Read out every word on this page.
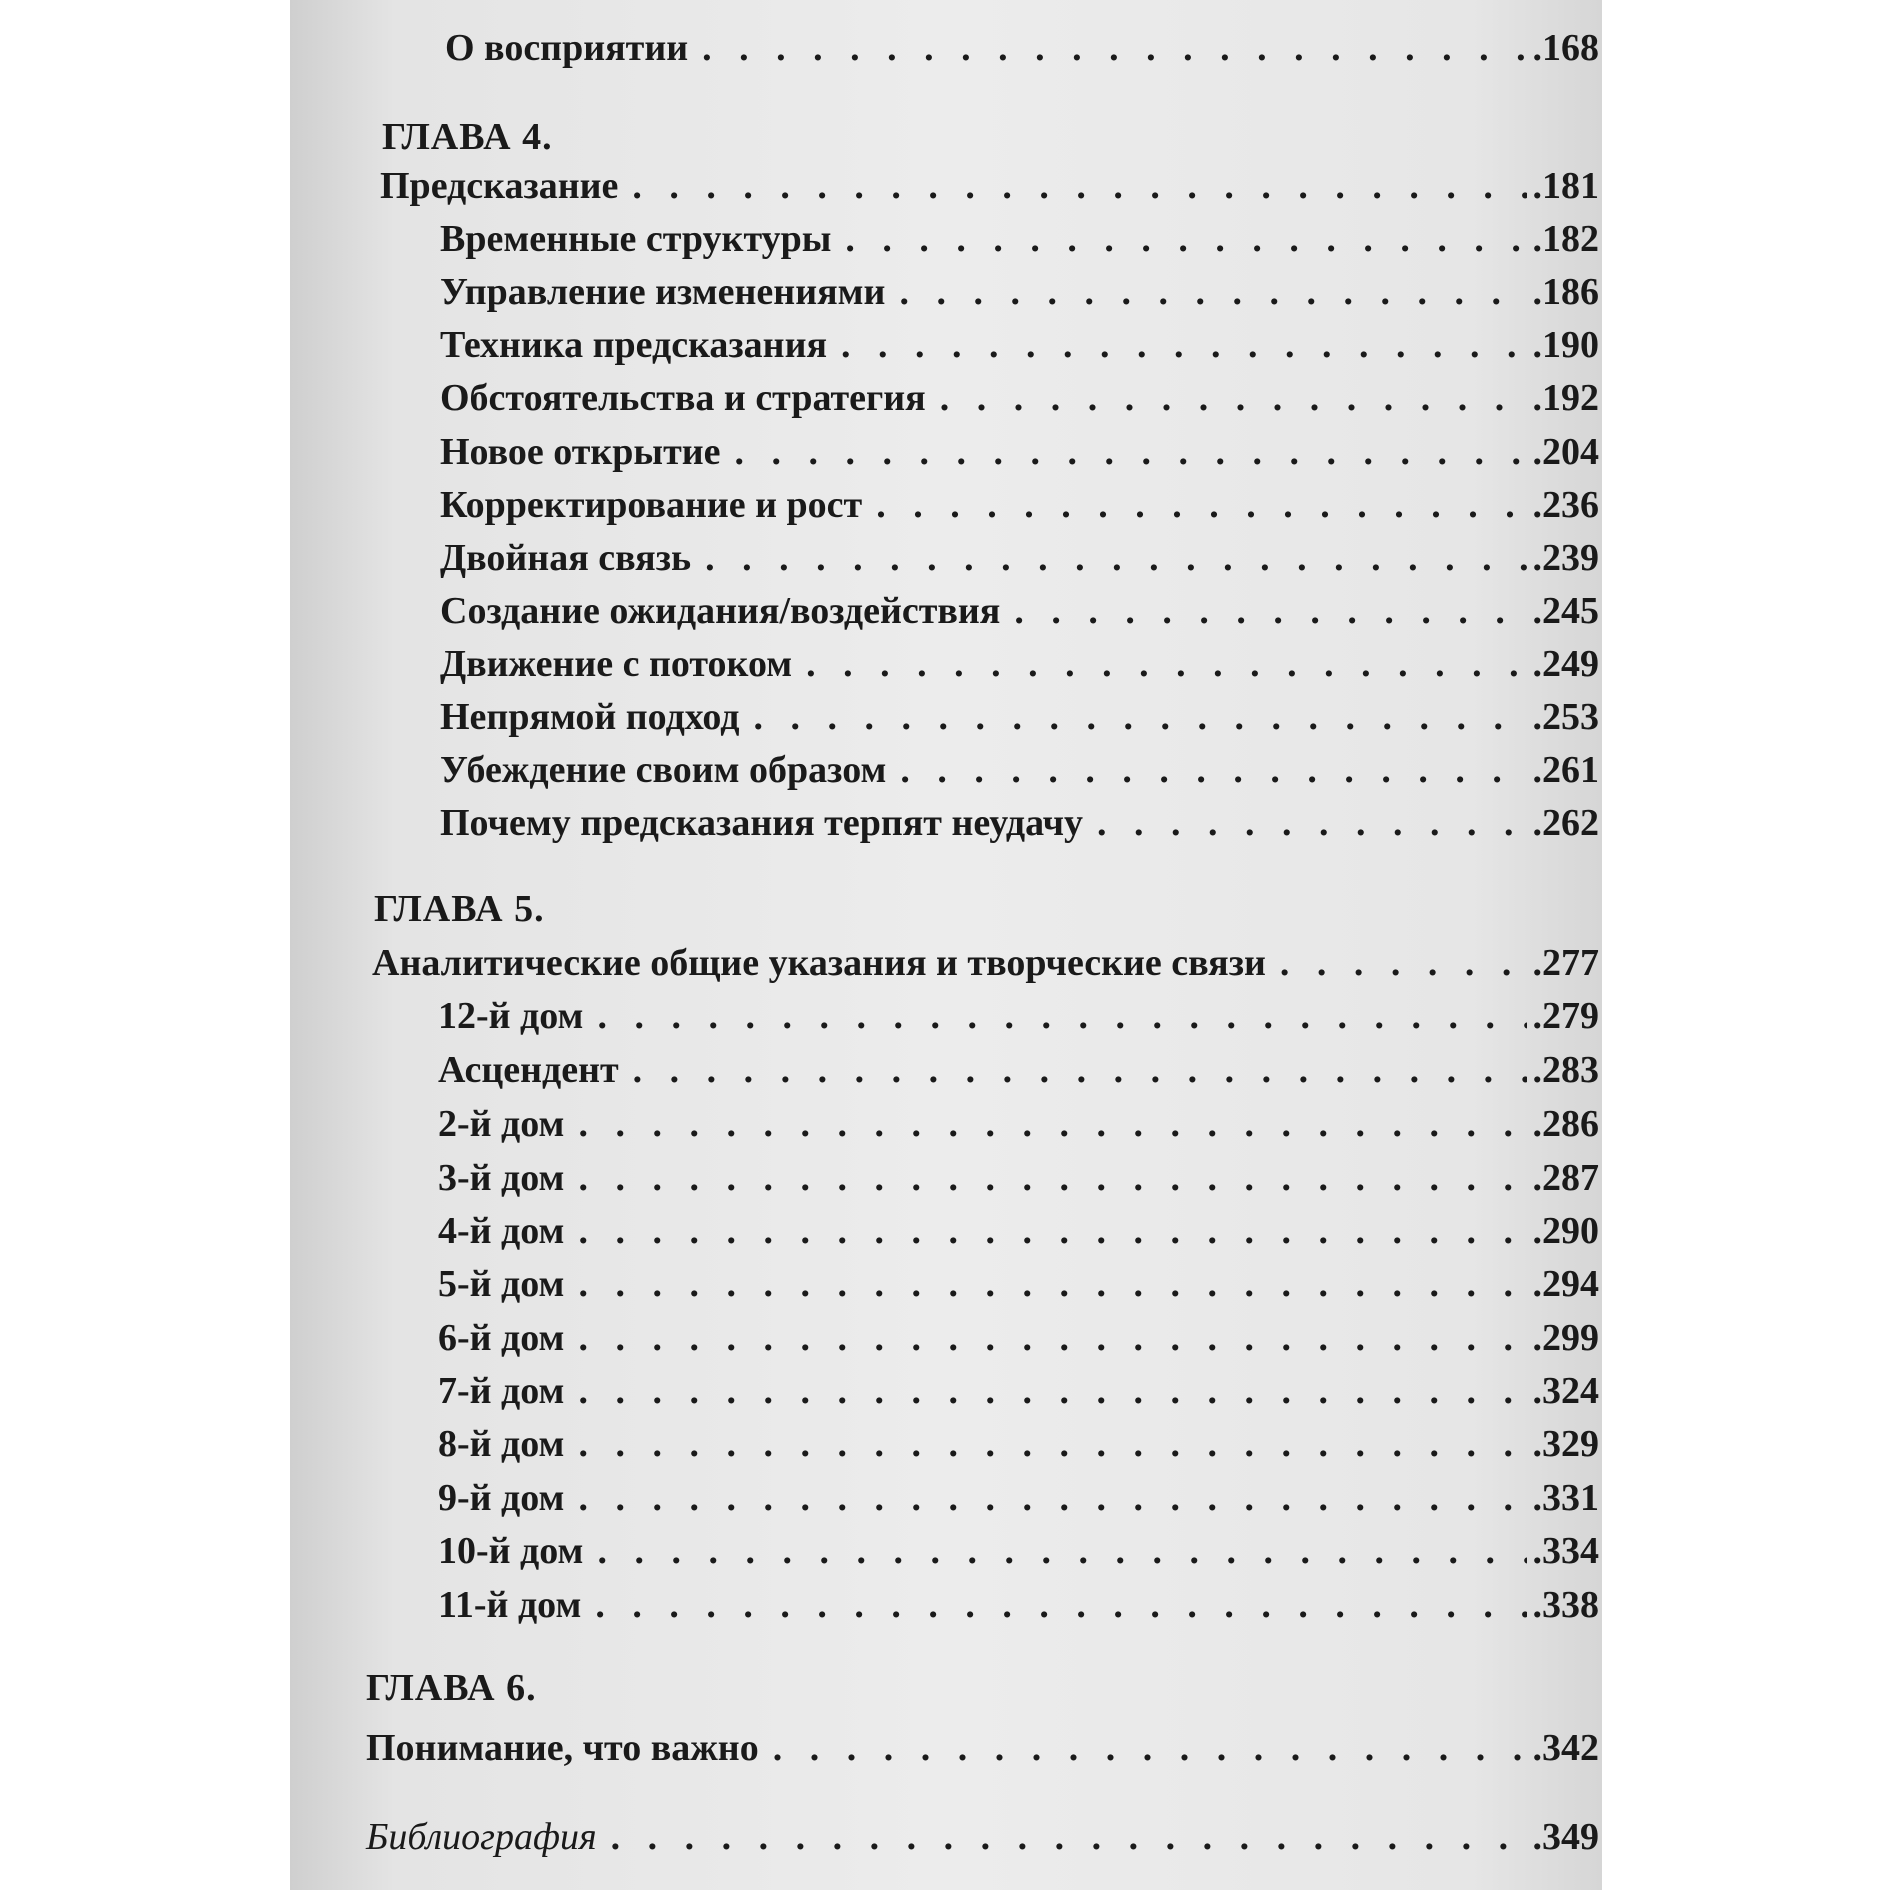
О восприятии . . .	.168
ГЛАВА 4.
Предсказание . . .	.181
Временные структуры . . .	.182
Управление изменениями . . .	.186
Техника предсказания . . .	.190
Обстоятельства и стратегия . . .	.192
Новое открытие . . .	.204
Корректирование и рост . . .	.236
Двойная связь . . .	.239
Создание ожидания/воздействия . . .	.245
Движение с потоком . . .	.249
Непрямой подход . . .	.253
Убеждение своим образом . . .	.261
Почему предсказания терпят неудачу . . .	.262
ГЛАВА 5.
Аналитические общие указания и творческие связи . . .	.277
12-й дом . . .	.279
Асцендент . . .	.283
2-й дом . . .	.286
3-й дом . . .	.287
4-й дом . . .	.290
5-й дом . . .	.294
6-й дом . . .	.299
7-й дом . . .	.324
8-й дом . . .	.329
9-й дом . . .	.331
10-й дом . . .	.334
11-й дом . . .	.338
ГЛАВА 6.
Понимание, что важно . . .	.342
Библиография . . .	.349
